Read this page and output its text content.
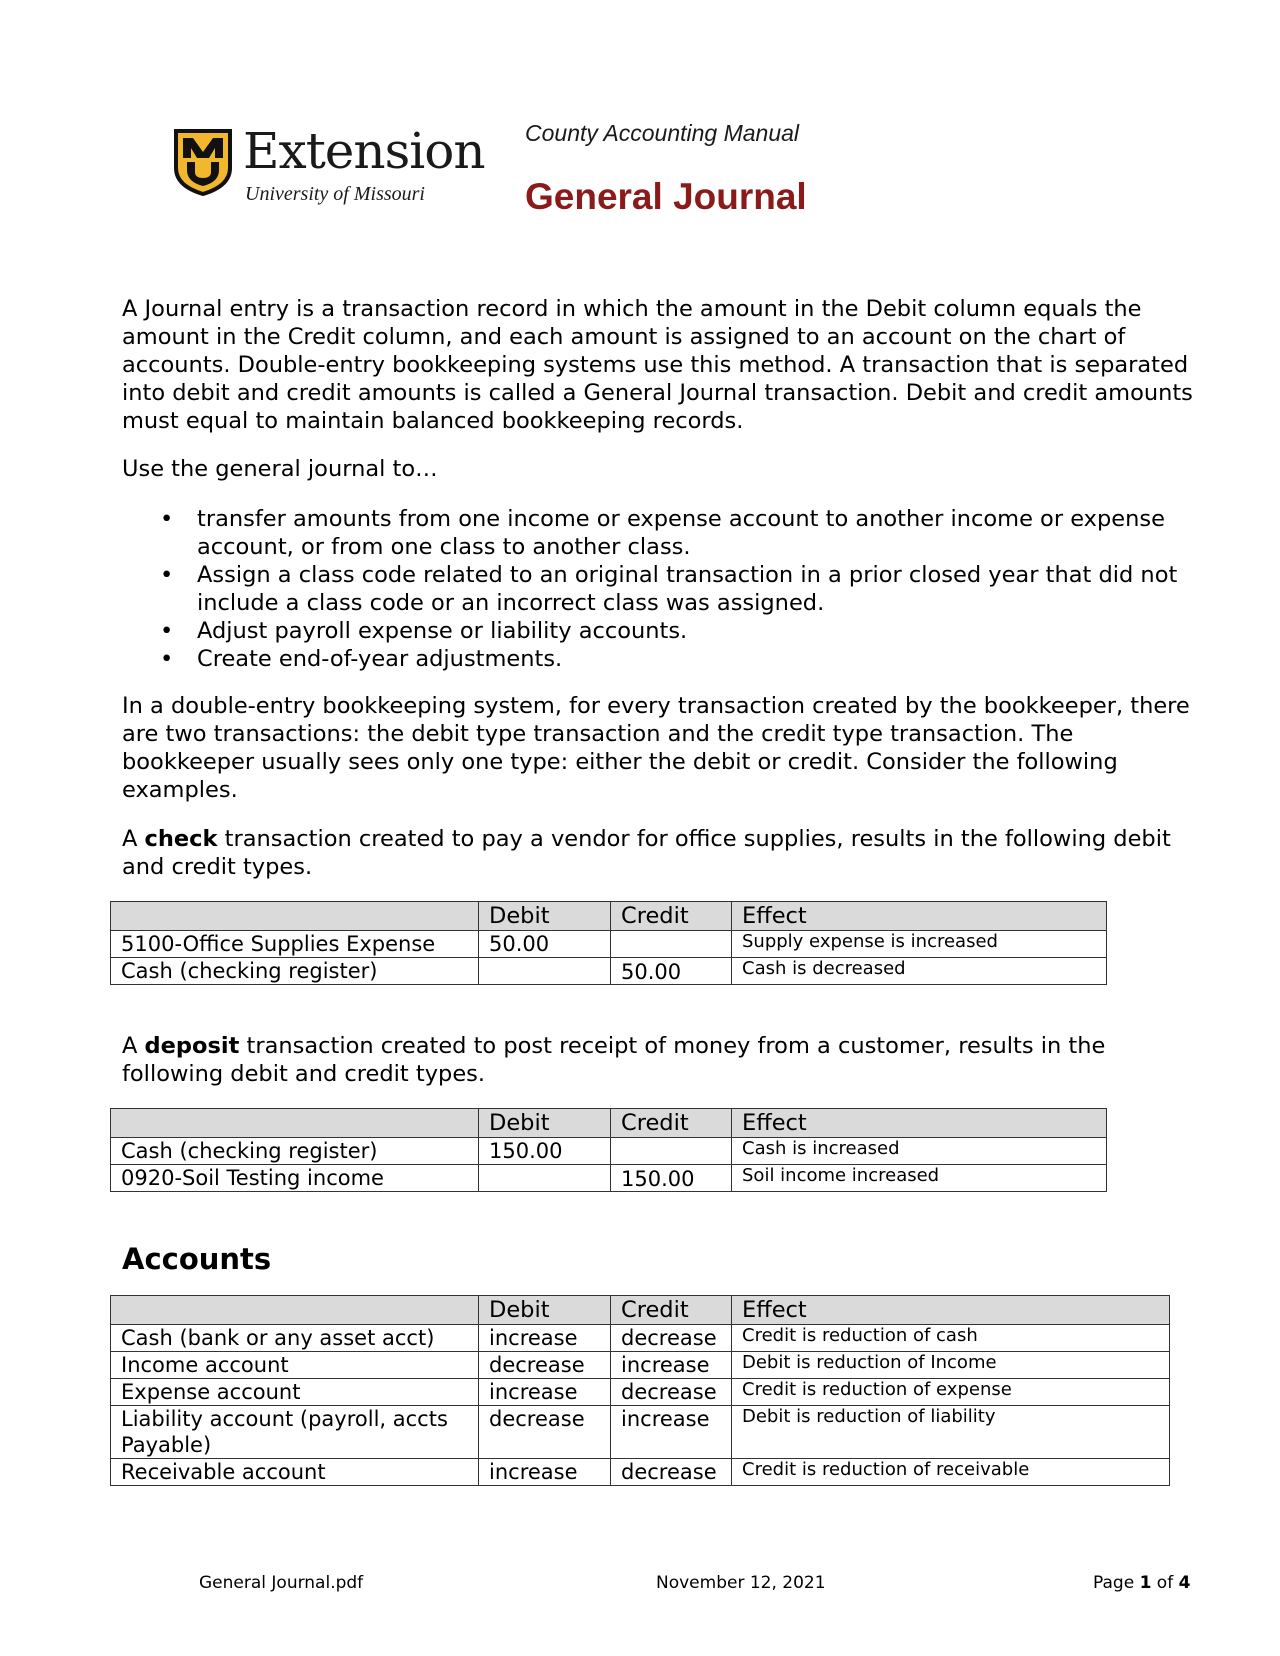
Extension
University of Missouri
County Accounting Manual
General Journal

A Journal entry is a transaction record in which the amount in the Debit column equals the amount in the Credit column, and each amount is assigned to an account on the chart of accounts. Double-entry bookkeeping systems use this method. A transaction that is separated into debit and credit amounts is called a General Journal transaction. Debit and credit amounts must equal to maintain balanced bookkeeping records.

Use the general journal to…

• transfer amounts from one income or expense account to another income or expense account, or from one class to another class.
• Assign a class code related to an original transaction in a prior closed year that did not include a class code or an incorrect class was assigned.
• Adjust payroll expense or liability accounts.
• Create end-of-year adjustments.

In a double-entry bookkeeping system, for every transaction created by the bookkeeper, there are two transactions: the debit type transaction and the credit type transaction. The bookkeeper usually sees only one type: either the debit or credit. Consider the following examples.

A check transaction created to pay a vendor for office supplies, results in the following debit and credit types.

	Debit	Credit	Effect
5100-Office Supplies Expense	50.00		Supply expense is increased
Cash (checking register)		50.00	Cash is decreased

A deposit transaction created to post receipt of money from a customer, results in the following debit and credit types.

	Debit	Credit	Effect
Cash (checking register)	150.00		Cash is increased
0920-Soil Testing income		150.00	Soil income increased
Accounts
	Debit	Credit	Effect
Cash (bank or any asset acct)	increase	decrease	Credit is reduction of cash
Income account	decrease	increase	Debit is reduction of Income
Expense account	increase	decrease	Credit is reduction of expense
Liability account (payroll, accts Payable)	decrease	increase	Debit is reduction of liability
Receivable account	increase	decrease	Credit is reduction of receivable
General Journal.pdf	November 12, 2021	Page 1 of 4
